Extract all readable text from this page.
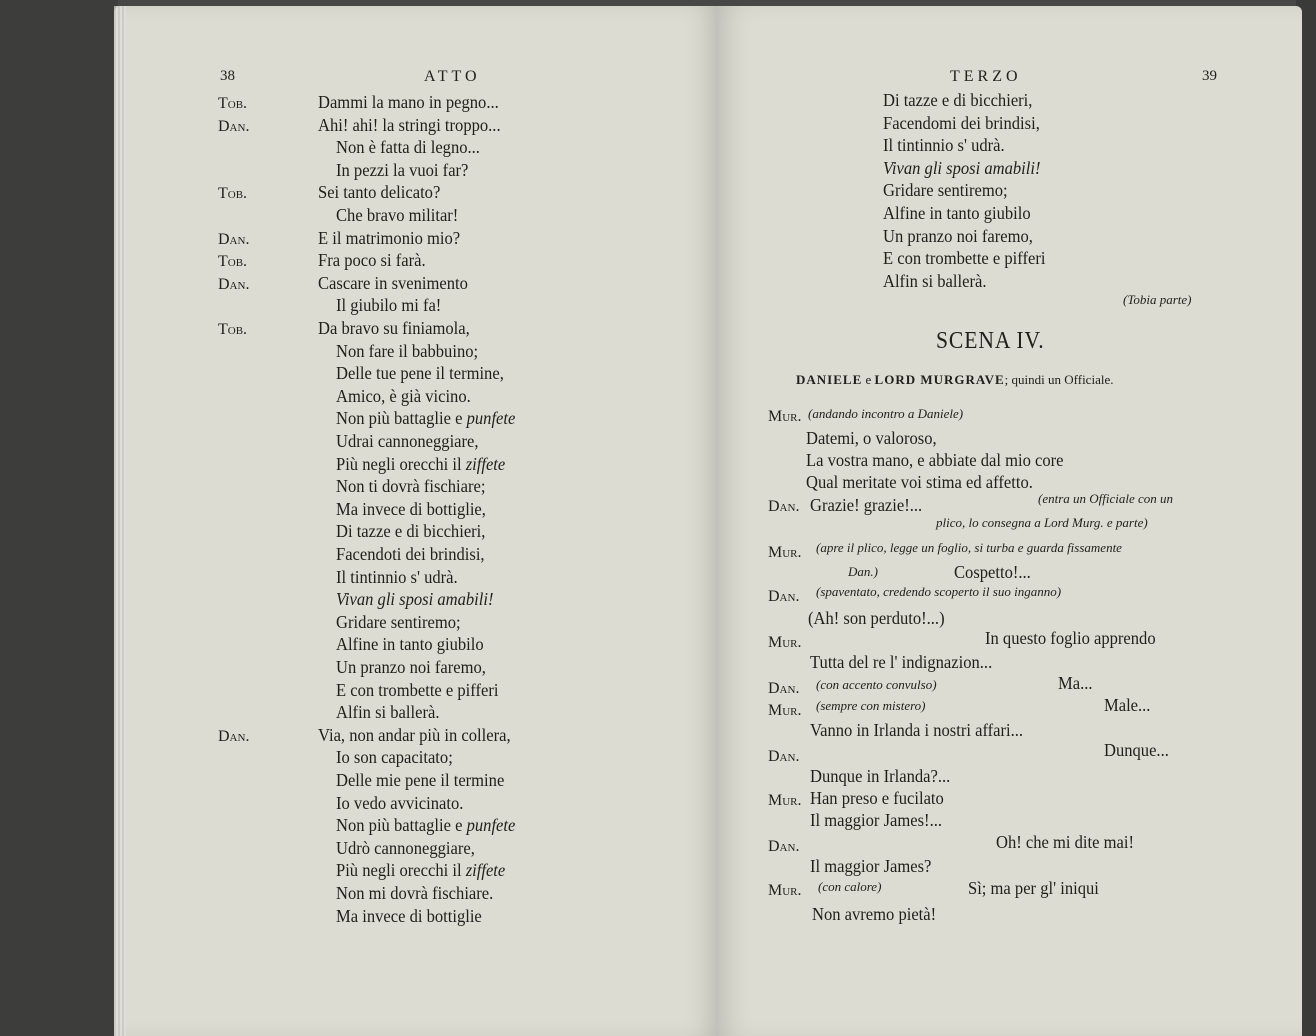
38	ATTO
Tob.	Dammi la mano in pegno...
Dan.	Ahi! ahi! la stringi troppo...
Non è fatta di legno...
In pezzi la vuoi far?
Tob.	Sei tanto delicato?
Che bravo militar!
Dan.	E il matrimonio mio?
Tob.	Fra poco si farà.
Dan.	Cascare in svenimento
Il giubilo mi fa!
Tob.	Da bravo su finiamola,
Non fare il babbuino;
Delle tue pene il termine,
Amico, è già vicino.
Non più battaglie e punfete
Udrai cannoneggiare,
Più negli orecchi il ziffete
Non ti dovrà fischiare;
Ma invece di bottiglie,
Di tazze e di bicchieri,
Facendoti dei brindisi,
Il tintinnio s' udrà.
Vivan gli sposi amabili!
Gridare sentiremo;
Alfine in tanto giubilo
Un pranzo noi faremo,
E con trombette e pifferi
Alfin si ballerà.
Dan.	Via, non andar più in collera,
Io son capacitato;
Delle mie pene il termine
Io vedo avvicinato.
Non più battaglie e punfete
Udrò cannoneggiare,
Più negli orecchi il ziffete
Non mi dovrà fischiare.
Ma invece di bottiglie
TERZO	39
Di tazze e di bicchieri,
Facendomi dei brindisi,
Il tintinnio s' udrà.
Vivan gli sposi amabili!
Gridare sentiremo;
Alfine in tanto giubilo
Un pranzo noi faremo,
E con trombette e pifferi
Alfin si ballerà.
(Tobia parte)
SCENA IV.
DANIELE e LORD MURGRAVE; quindi un Officiale.
Mur. (andando incontro a Daniele)
Datemi, o valoroso,
La vostra mano, e abbiate dal mio core
Qual meritate voi stima ed affetto.
Dan. Grazie! grazie!...	(entra un Officiale con un
plico, lo consegna a Lord Murg. e parte)
Mur. (apre il plico, legge un foglio, si turba e guarda fissamente
Dan.)	Cospetto!...
Dan. (spaventato, credendo scoperto il suo inganno)
(Ah! son perduto!...)
Mur.	In questo foglio apprendo
Tutta del re l' indignazion...
Dan. (con accento convulso)	Ma...
Mur. (sempre con mistero)	Male...
Vanno in Irlanda i nostri affari...
Dan.	Dunque...
Dunque in Irlanda?...
Mur. Han preso e fucilato
Il maggior James!...
Dan.	Oh! che mi dite mai!
Il maggior James?
Mur. (con calore)	Sì; ma per gl' iniqui
Non avremo pietà!
